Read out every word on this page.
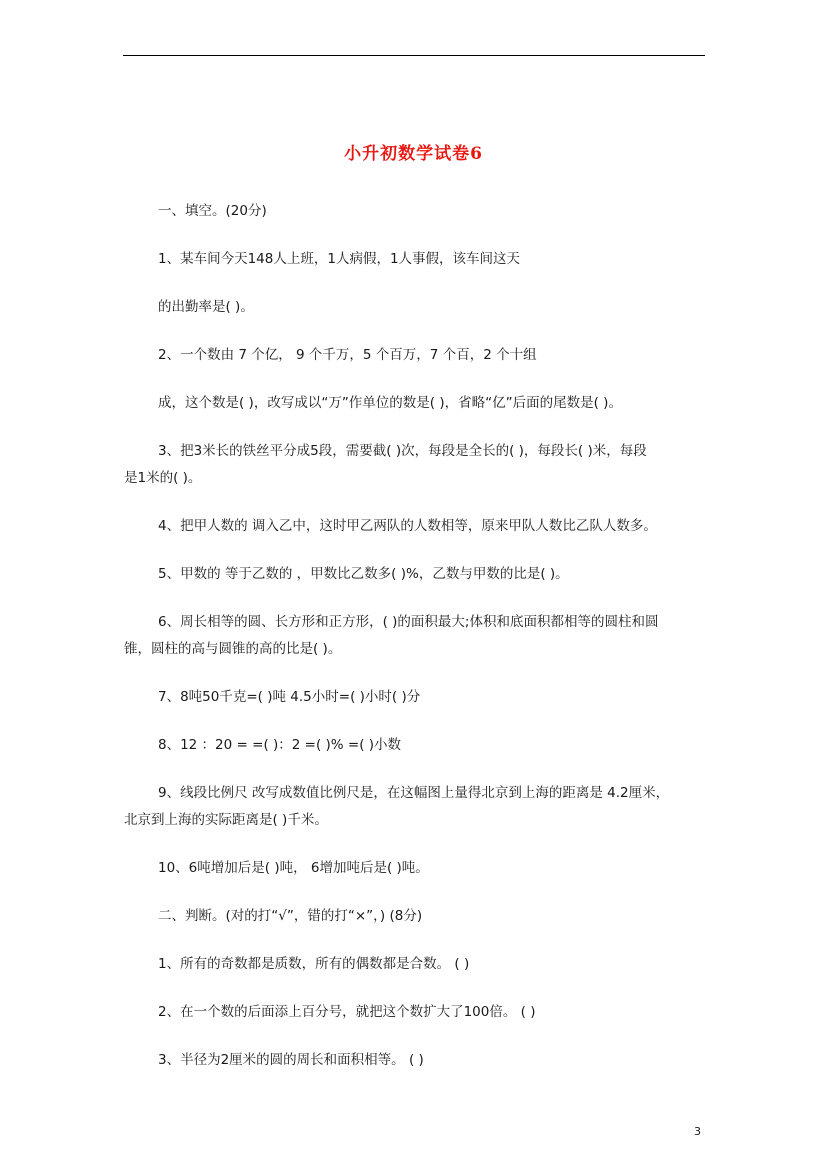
小升初数学试卷6
一、填空。(20分)
1、某车间今天148人上班，1人病假，1人事假，该车间这天
的出勤率是( )。
2、一个数由 7 个亿， 9 个千万，5 个百万，7 个百，2 个十组
成，这个数是( )，改写成以“万”作单位的数是( )，省略“亿”后面的尾数是( )。
3、把3米长的铁丝平分成5段，需要截( )次，每段是全长的( )，每段长( )米，每段
是1米的( )。
4、把甲人数的 调入乙中，这时甲乙两队的人数相等，原来甲队人数比乙队人数多。
5、甲数的 等于乙数的 ，甲数比乙数多( )%，乙数与甲数的比是( )。
6、周长相等的圆、长方形和正方形，( )的面积最大;体积和底面积都相等的圆柱和圆
锥，圆柱的高与圆锥的高的比是( )。
7、8吨50千克=( )吨 4.5小时=( )小时( )分
8、12 ：20 = =( )：2 =( )% =( )小数
9、线段比例尺 改写成数值比例尺是，在这幅图上量得北京到上海的距离是 4.2厘米，
北京到上海的实际距离是( )千米。
10、6吨增加后是( )吨， 6增加吨后是( )吨。
二、判断。(对的打“√”，错的打“×”，) (8分)
1、所有的奇数都是质数，所有的偶数都是合数。 ( )
2、在一个数的后面添上百分号，就把这个数扩大了100倍。 ( )
3、半径为2厘米的圆的周长和面积相等。 ( )
3
